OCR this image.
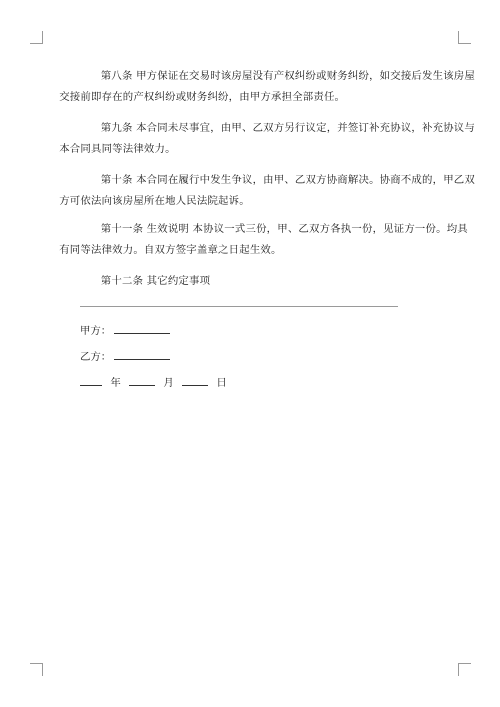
第八条 甲方保证在交易时该房屋没有产权纠纷或财务纠纷，如交接后发生该房屋
交接前即存在的产权纠纷或财务纠纷，由甲方承担全部责任。

第九条 本合同未尽事宜，由甲、乙双方另行议定，并签订补充协议，补充协议与
本合同具同等法律效力。

第十条 本合同在履行中发生争议，由甲、乙双方协商解决。协商不成的，甲乙双
方可依法向该房屋所在地人民法院起诉。

第十一条 生效说明 本协议一式三份，甲、乙双方各执一份，见证方一份。均具
有同等法律效力。自双方签字盖章之日起生效。

第十二条 其它约定事项

甲方：
乙方：
年	月	日
